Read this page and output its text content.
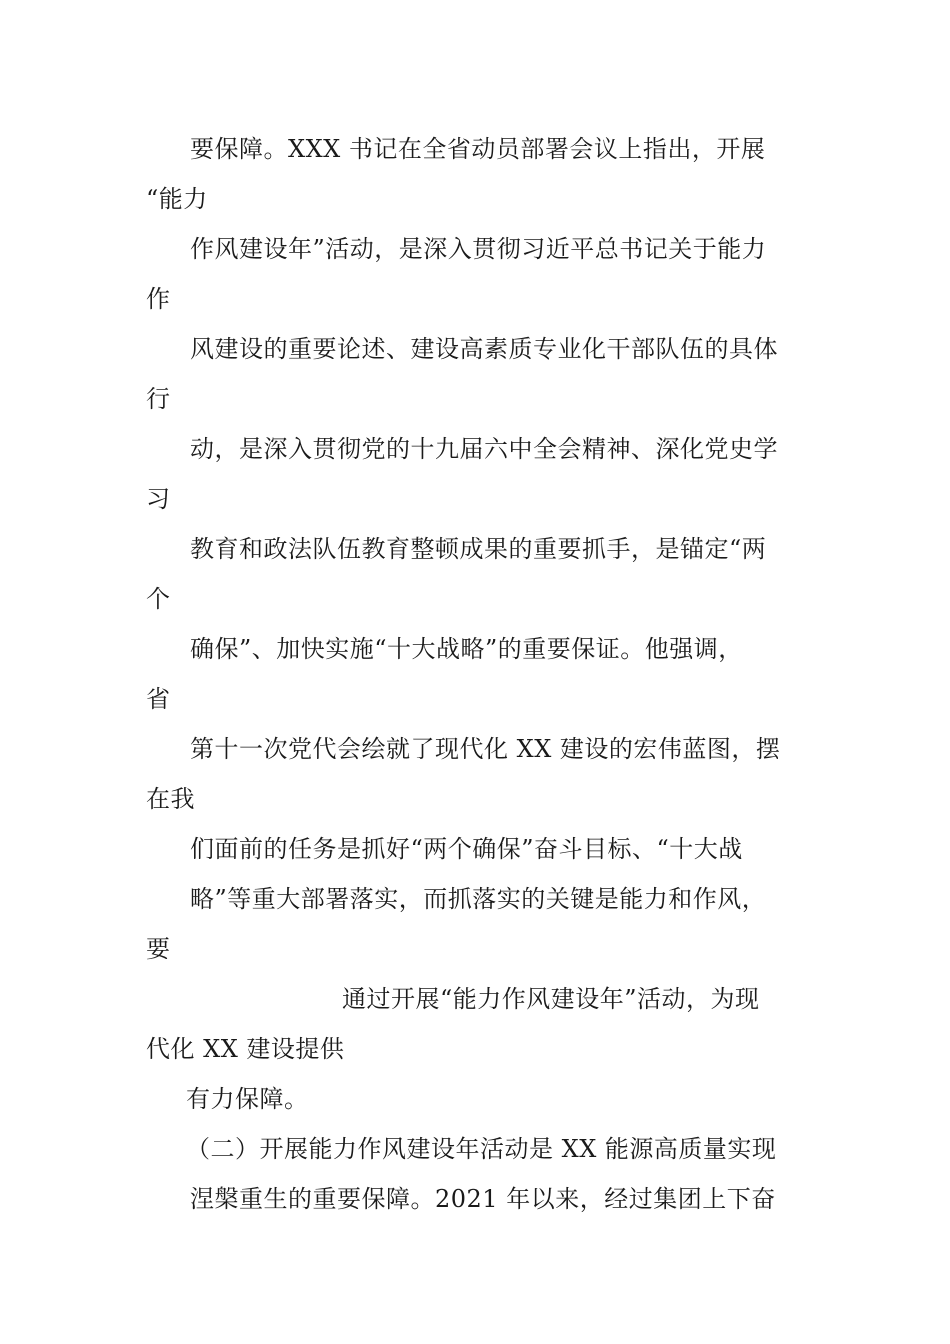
要保障。XXX 书记在全省动员部署会议上指出，开展
“能力
作风建设年”活动，是深入贯彻习近平总书记关于能力
作
风建设的重要论述、建设高素质专业化干部队伍的具体
行
动，是深入贯彻党的十九届六中全会精神、深化党史学
习
教育和政法队伍教育整顿成果的重要抓手，是锚定“两
个
确保”、加快实施“十大战略”的重要保证。他强调，
省
第十一次党代会绘就了现代化 XX 建设的宏伟蓝图，摆
在我
们面前的任务是抓好“两个确保”奋斗目标、“十大战
略”等重大部署落实，而抓落实的关键是能力和作风，
要
通过开展“能力作风建设年”活动，为现
代化 XX 建设提供
有力保障。
（二）开展能力作风建设年活动是 XX 能源高质量实现
涅槃重生的重要保障。2021 年以来，经过集团上下奋
